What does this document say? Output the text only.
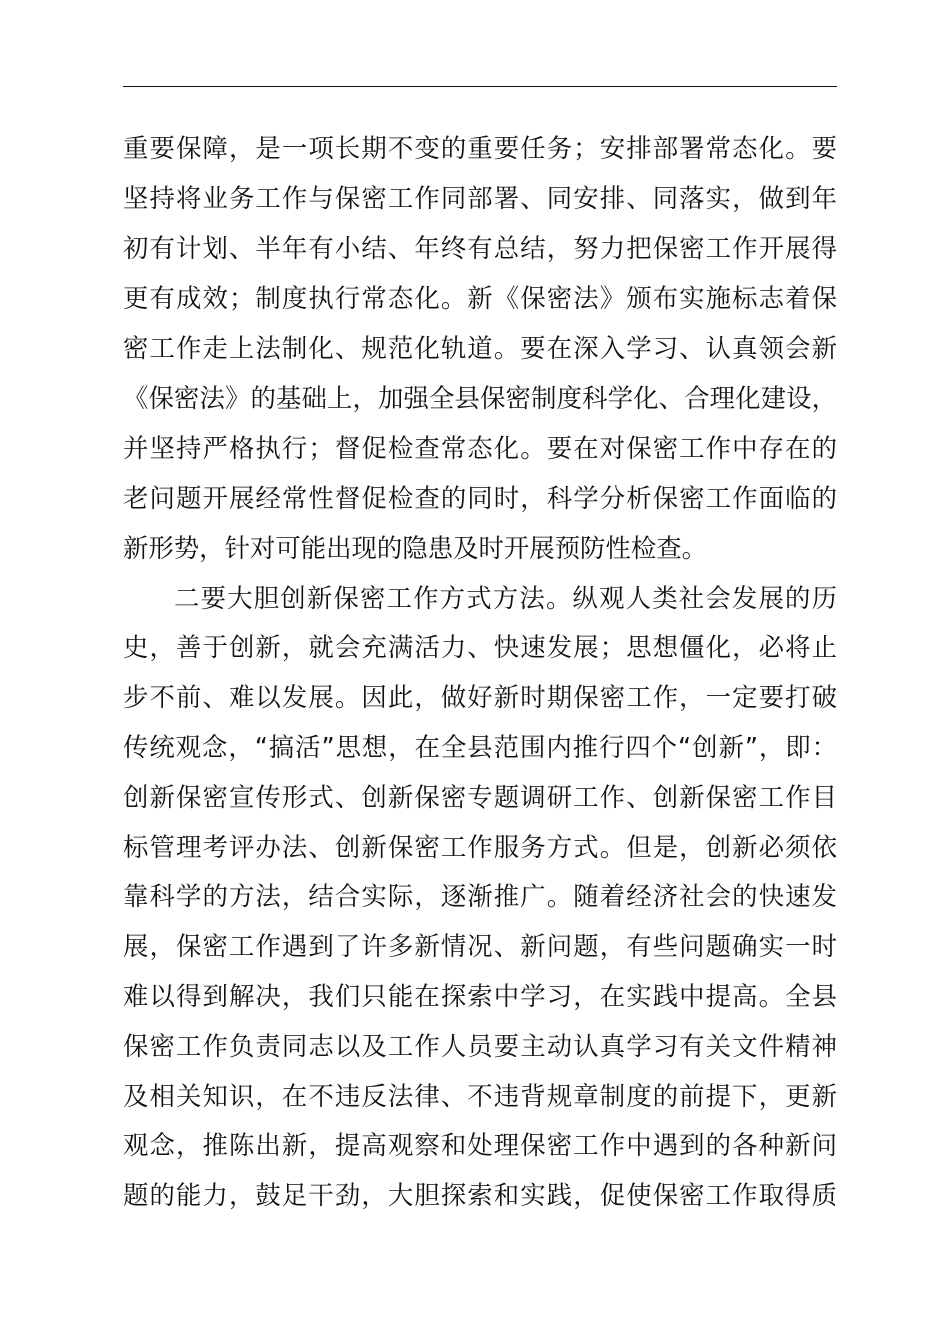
重要保障，是一项长期不变的重要任务；安排部署常态化。要
坚持将业务工作与保密工作同部署、同安排、同落实，做到年
初有计划、半年有小结、年终有总结，努力把保密工作开展得
更有成效；制度执行常态化。新《保密法》颁布实施标志着保
密工作走上法制化、规范化轨道。要在深入学习、认真领会新
《保密法》的基础上，加强全县保密制度科学化、合理化建设，
并坚持严格执行；督促检查常态化。要在对保密工作中存在的
老问题开展经常性督促检查的同时，科学分析保密工作面临的
新形势，针对可能出现的隐患及时开展预防性检查。
二要大胆创新保密工作方式方法。纵观人类社会发展的历
史，善于创新，就会充满活力、快速发展；思想僵化，必将止
步不前、难以发展。因此，做好新时期保密工作，一定要打破
传统观念，“搞活”思想，在全县范围内推行四个“创新”，即：
创新保密宣传形式、创新保密专题调研工作、创新保密工作目
标管理考评办法、创新保密工作服务方式。但是，创新必须依
靠科学的方法，结合实际，逐渐推广。随着经济社会的快速发
展，保密工作遇到了许多新情况、新问题，有些问题确实一时
难以得到解决，我们只能在探索中学习，在实践中提高。全县
保密工作负责同志以及工作人员要主动认真学习有关文件精神
及相关知识，在不违反法律、不违背规章制度的前提下，更新
观念，推陈出新，提高观察和处理保密工作中遇到的各种新问
题的能力，鼓足干劲，大胆探索和实践，促使保密工作取得质
